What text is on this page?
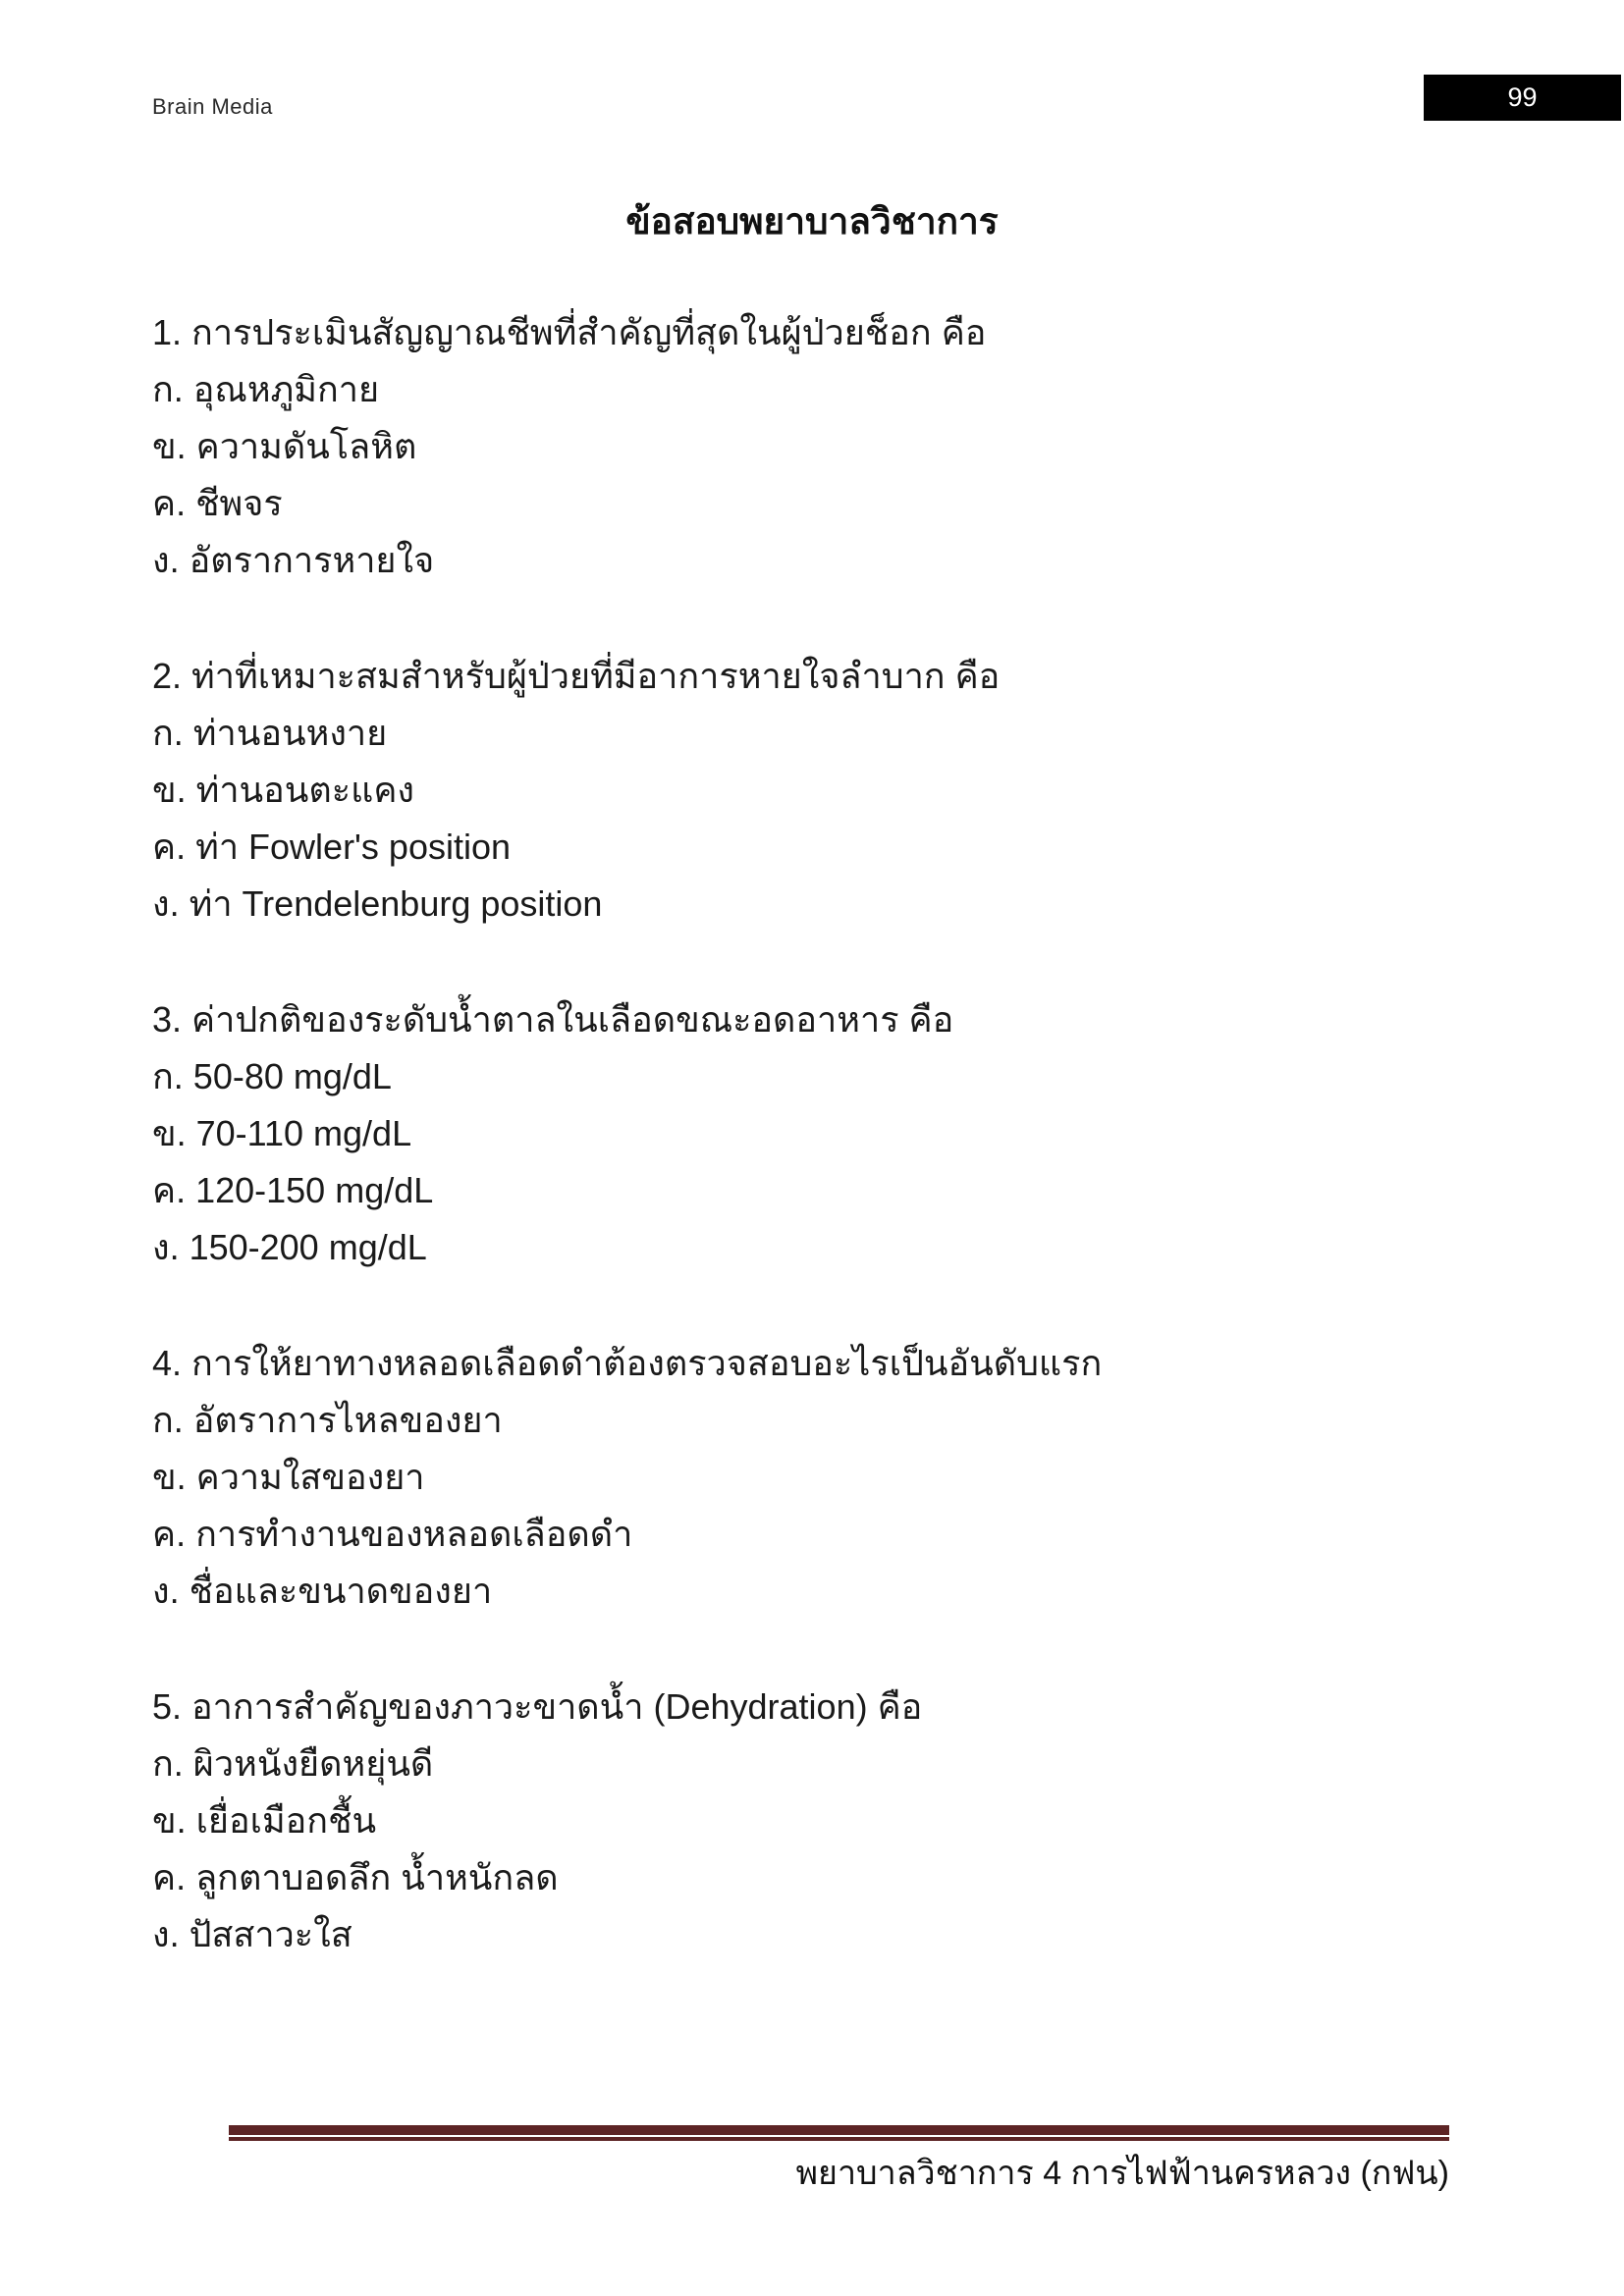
Brain Media	99
ข้อสอบพยาบาลวิชาการ
1. การประเมินสัญญาณชีพที่สำคัญที่สุดในผู้ป่วยช็อก คือ
ก. อุณหภูมิกาย
ข. ความดันโลหิต
ค. ชีพจร
ง. อัตราการหายใจ
2. ท่าที่เหมาะสมสำหรับผู้ป่วยที่มีอาการหายใจลำบาก คือ
ก. ท่านอนหงาย
ข. ท่านอนตะแคง
ค. ท่า Fowler's position
ง. ท่า Trendelenburg position
3. ค่าปกติของระดับน้ำตาลในเลือดขณะอดอาหาร คือ
ก. 50-80 mg/dL
ข. 70-110 mg/dL
ค. 120-150 mg/dL
ง. 150-200 mg/dL
4. การให้ยาทางหลอดเลือดดำต้องตรวจสอบอะไรเป็นอันดับแรก
ก. อัตราการไหลของยา
ข. ความใสของยา
ค. การทำงานของหลอดเลือดดำ
ง. ชื่อและขนาดของยา
5. อาการสำคัญของภาวะขาดน้ำ (Dehydration) คือ
ก. ผิวหนังยืดหยุ่นดี
ข. เยื่อเมือกชื้น
ค. ลูกตาบอดลึก น้ำหนักลด
ง. ปัสสาวะใส
พยาบาลวิชาการ 4 การไฟฟ้านครหลวง (กฟน)
